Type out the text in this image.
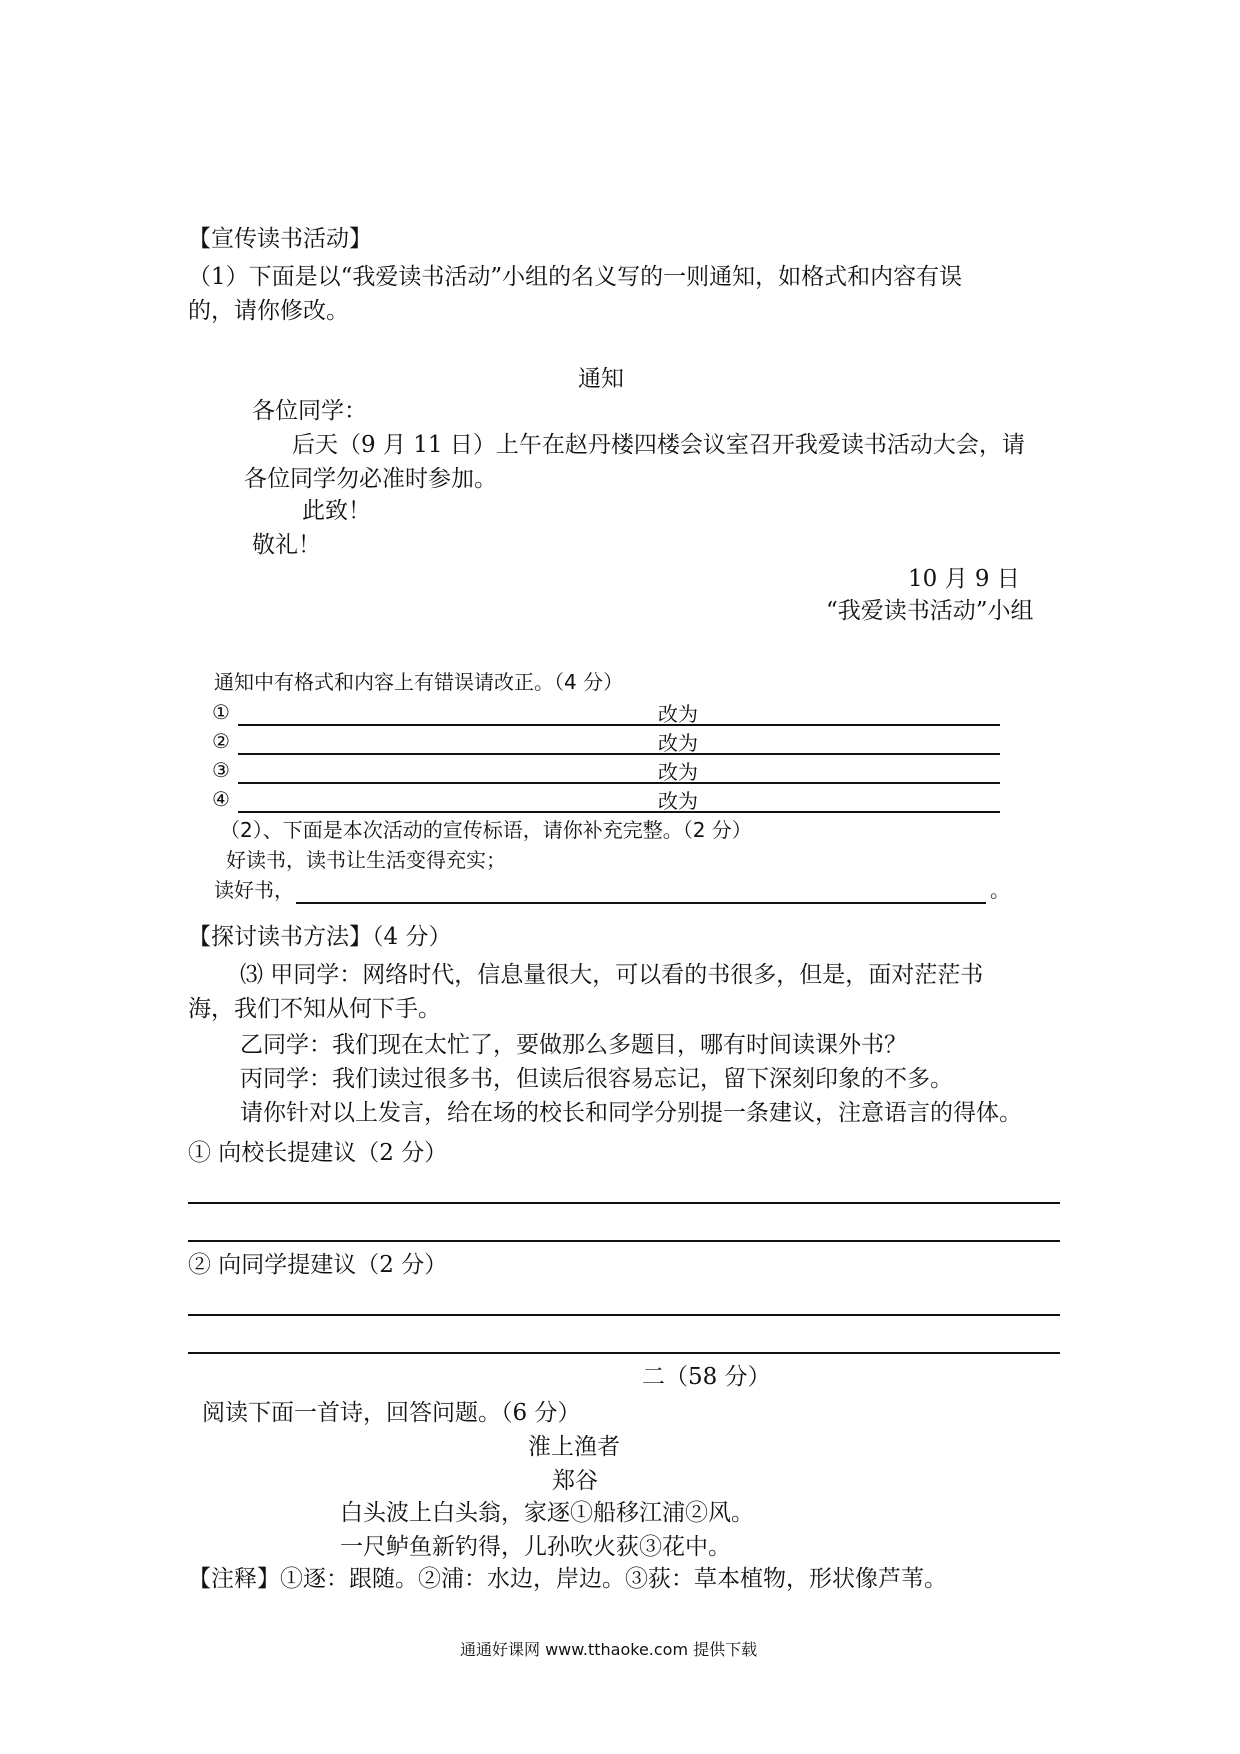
【宣传读书活动】

（1）下面是以“我爱读书活动”小组的名义写的一则通知，如格式和内容有误

的，请你修改。

通知

各位同学：

后天（9 月 11 日）上午在赵丹楼四楼会议室召开我爱读书活动大会，请

各位同学勿必准时参加。

此致！

敬礼！

10 月 9 日

“我爱读书活动”小组

通知中有格式和内容上有错误请改正。（4 分）

①	改为
②	改为
③	改为
④	改为

（2）、下面是本次活动的宣传标语，请你补充完整。（2 分）

好读书，读书让生活变得充实；

读好书，	。

【探讨读书方法】（4 分）

⑶ 甲同学：网络时代，信息量很大，可以看的书很多，但是，面对茫茫书

海，我们不知从何下手。

乙同学：我们现在太忙了，要做那么多题目，哪有时间读课外书？

丙同学：我们读过很多书，但读后很容易忘记，留下深刻印象的不多。

请你针对以上发言，给在场的校长和同学分别提一条建议，注意语言的得体。

① 向校长提建议（2 分）

② 向同学提建议（2 分）

二（58 分）

阅读下面一首诗，回答问题。（6 分）

淮上渔者

郑谷

白头波上白头翁，家逐①船移江浦②风。

一尺鲈鱼新钓得，儿孙吹火荻③花中。

【注释】①逐：跟随。②浦：水边，岸边。③荻：草本植物，形状像芦苇。

通通好课网 www.tthaoke.com 提供下载
